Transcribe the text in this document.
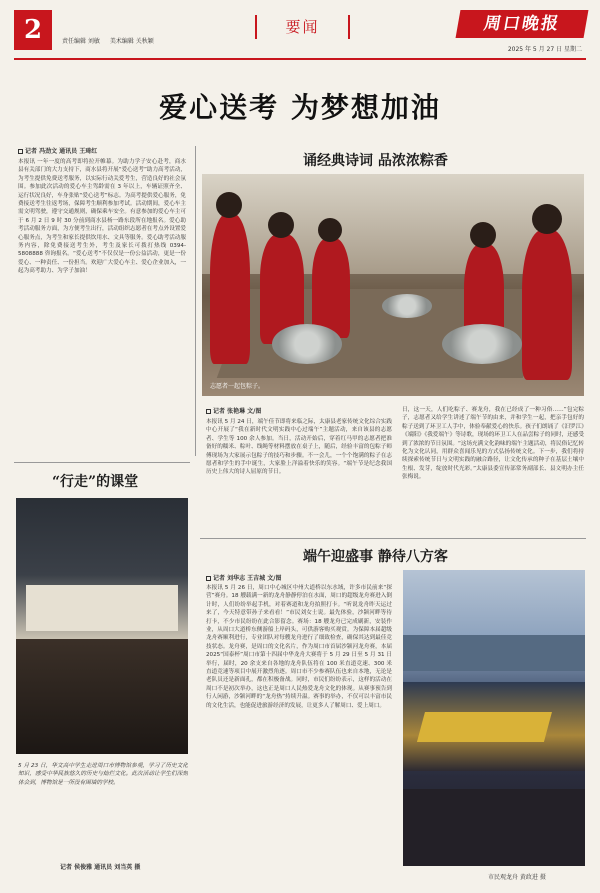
2	责任编辑 刘敏 美术编辑 关秋颖
要闻	周口晚报
2025 年 5 月 27 日 星期二
爱心送考 为梦想加油
记者 冯劲文 通讯员 王琦红
本报讯 一年一度的高考即将拉开帷幕。为助力学子安心赴考，商水县有关部门的大力支持下，商水县将开展“爱心送考”助力高考活动，为考生提供免费送考服务，以实际行动关爱考生，营造良好的社会氛围。参加此次活动的爱心车主驾龄需在 3 年以上，车辆证照齐全、运行状况良好，车身张贴“爱心送考”标志。为高考提供爱心服务，免费接送考生往返考场，保障考生顺利参加考试。活动期间，爱心车主需文明驾驶，遵守交通规则，确保乘车安全。有意参加的爱心车主可于 6 月 2 日 9 时 30 分前到商水县杨一路东段所在地报名。爱心助考活动服务方面，为方便考生出行，活动组织志愿者在考点外设置爱心服务点，为考生和家长提供饮用水、文具等服务。爱心助考活动服务内容，除免费接送考生外，考生及家长可拨打热线 0394-5808888 咨询报名。“爱心送考”不仅仅是一份公益活动，更是一份爱心、一种责任、一份担当。欢迎广大爱心车主、爱心企业加入，一起为高考助力、为学子加油！
诵经典诗词 品浓浓粽香
志愿者一起包粽子。
记者 张艳琳 文/图
本报讯 5 月 24 日，端午佳节即将来临之际，太康县老家传统文化综合实践中心开展了“我在新时代文明实践中心过端午”主题活动，来自该县的志愿者、学生等 100 余人参加。当日，活动开始后，穿着红马甲的志愿者把准备好的糯米、粽叶、线绳等材料摆放在桌子上，随后，经验丰富的包粽子师傅现场为大家展示包粽子的技巧和步骤。不一会儿，一个个饱满的粽子在志愿者和学生的手中诞生，大家脸上洋溢着快乐的笑容。“端午节是纪念我国历史上伟大的诗人屈原的节日。
日，这一天，人们吃粽子、赛龙舟，我在已经成了一种习俗……”包完粽子，志愿者又给学生讲述了端午节的由来，并和学生一起，把亲手包好的粽子送到了环卫工人手中，体验奉献爱心的快乐。孩子们朗诵了《汨罗江》《端阳》《我爱端午》等诗歌，现场的环卫工人在品尝粽子的同时，还感受到了浓浓的节日氛围。“这场充满文化韵味的端午主题活动，将民俗记忆转化为文化认同，用群众喜闻乐见的方式弘扬传统文化。下一步，我们将持续探索传统节日与文明实践的融合路径，让文化传承的种子在基层土壤中生根、发芽，绽放时代光彩。”太康县委宣传部常务副部长、县文明办主任张梅说。
端午迎盛事 静待八方客
记者 刘华志 王吉城 文/图
本报讯 5 月 26 日，周口中心城区中州大道桥以东水域，许多市民前来“探营”赛舟。18 艘载满一新的龙舟静静停泊在水面，周口的超级龙舟赛进入倒计时，人们纷纷举起手机，对着赛道和龙舟拍照打卡。“听说龙舟昨天运过来了，今天特意带孙子来看看！”市民刘女士说。最先体验，沙颍河畔等待打卡，不少市民纷纷在此合影留念。赛场：18 艘龙舟已完成刷新，安装作业，从周口大道桥东侧游船上岸码头，可供游客购买观赏。为保障本届超级龙舟赛顺利进行，专业团队对每艘龙舟进行了细致检查，确保其达到最佳竞技状态。龙舟赛，是周口的文化名片，作为周口市首届沙颍河龙舟赛，本届 2025“国泰杯”周口市第十四届中华龙舟大赛将于 5 月 29 日至 5 月 31 日举行，届时，20 余支来自各地的龙舟队伍将在 100 米直道竞速、300 米直道竞速等项目中展开激烈角逐。周口市不少参赛队伍也来自本地，无论是老队员还是新面孔，都在积极备战。同时，市民们纷纷表示，这样的活动在周口不是初次举办，这也正是周口人民热爱龙舟文化的体现。从赛事预告到行人闲游，沙颍河畔的“龙舟热”持续升温。赛事的举办，不仅可以丰富市民的文化生活，也能促进旅游经济的发展，让更多人了解周口、爱上周口。
市民观龙舟 黄政进 摄
“行走”的课堂
5 月 23 日，华文高中学生走进周口市博物馆参观，学习了历史文化知识，感受中华民族悠久的历史与灿烂文化。此次活动让学生们深刻体会到，博物馆是一所没有围墙的学校。
记者 侯俊雅 通讯员 刘当英 摄
